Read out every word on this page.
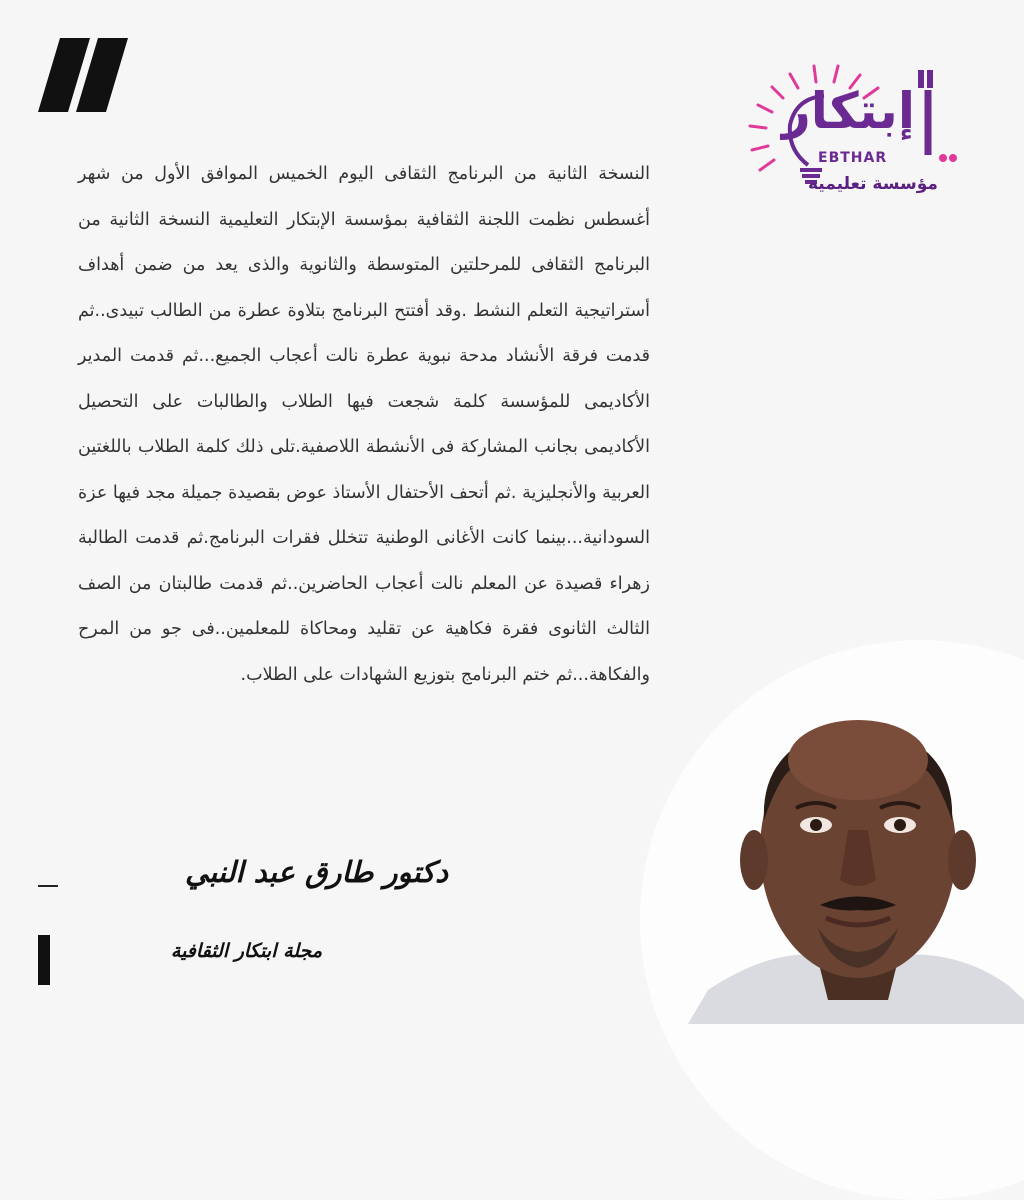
إبتكار
EBTHAR
مؤسسة تعليمية
النسخة الثانية من البرنامج الثقافى اليوم الخميس الموافق الأول من شهر أغسطس نظمت اللجنة الثقافية بمؤسسة الإبتكار التعليمية النسخة الثانية من البرنامج الثقافى للمرحلتين المتوسطة والثانوية والذى يعد من ضمن أهداف أستراتيجية التعلم النشط .وقد أفتتح البرنامج بتلاوة عطرة من الطالب تبيدى..ثم قدمت فرقة الأنشاد مدحة نبوية عطرة نالت أعجاب الجميع...ثم قدمت المدير الأكاديمى للمؤسسة كلمة شجعت فيها الطلاب والطالبات على التحصيل الأكاديمى بجانب المشاركة فى الأنشطة اللاصفية.تلى ذلك كلمة الطلاب باللغتين العربية والأنجليزية .ثم أتحف الأحتفال الأستاذ عوض بقصيدة جميلة مجد فيها عزة السودانية...بينما كانت الأغانى الوطنية تتخلل فقرات البرنامج.ثم قدمت الطالبة زهراء قصيدة عن المعلم نالت أعجاب الحاضرين..ثم قدمت طالبتان من الصف الثالث الثانوى فقرة فكاهية عن تقليد ومحاكاة للمعلمين..فى جو من المرح والفكاهة...ثم ختم البرنامج بتوزيع الشهادات على الطلاب.
دكتور طارق عبد النبي
مجلة ابتكار الثقافية
